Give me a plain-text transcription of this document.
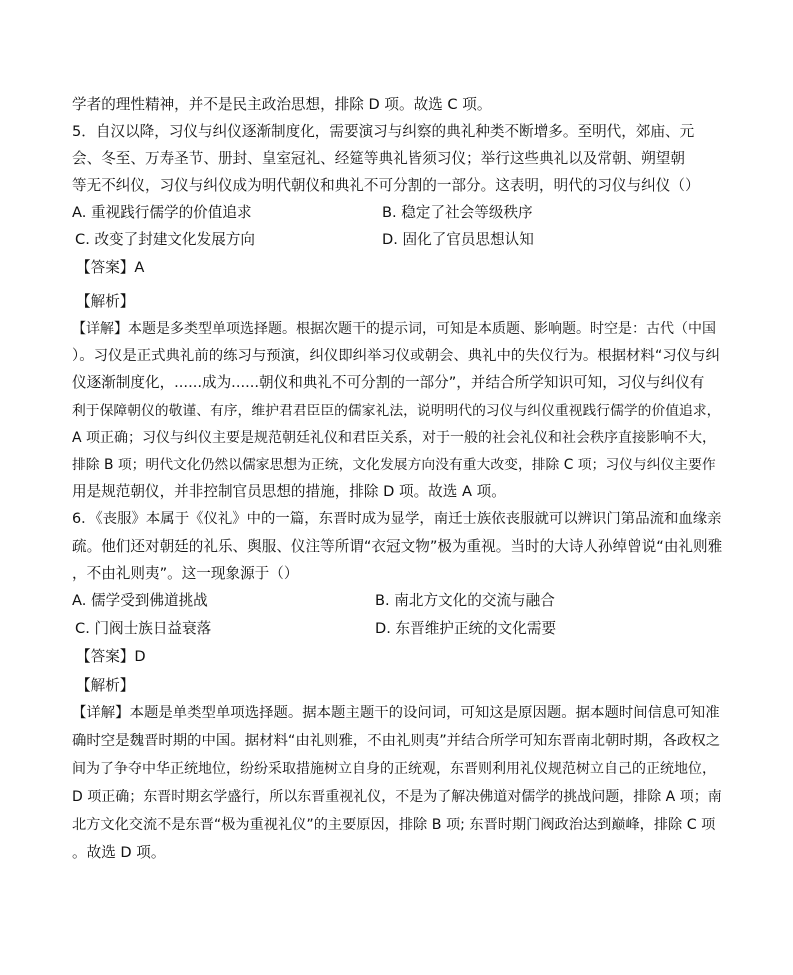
学者的理性精神，并不是民主政治思想，排除 D 项。故选 C 项。
5．自汉以降，习仪与纠仪逐渐制度化，需要演习与纠察的典礼种类不断增多。至明代，郊庙、元
会、冬至、万寿圣节、册封、皇室冠礼、经筵等典礼皆须习仪；举行这些典礼以及常朝、朔望朝
等无不纠仪，习仪与纠仪成为明代朝仪和典礼不可分割的一部分。这表明，明代的习仪与纠仪（）
A. 重视践行儒学的价值追求	B. 稳定了社会等级秩序
C. 改变了封建文化发展方向	D. 固化了官员思想认知
【答案】A
【解析】
【详解】本题是多类型单项选择题。根据次题干的提示词，可知是本质题、影响题。时空是：古代（中国
）。习仪是正式典礼前的练习与预演，纠仪即纠举习仪或朝会、典礼中的失仪行为。根据材料“习仪与纠
仪逐渐制度化，......成为......朝仪和典礼不可分割的一部分”，并结合所学知识可知，习仪与纠仪有
利于保障朝仪的敬谨、有序，维护君君臣臣的儒家礼法，说明明代的习仪与纠仪重视践行儒学的价值追求，
A 项正确；习仪与纠仪主要是规范朝廷礼仪和君臣关系，对于一般的社会礼仪和社会秩序直接影响不大，
排除 B 项；明代文化仍然以儒家思想为正统，文化发展方向没有重大改变，排除 C 项；习仪与纠仪主要作
用是规范朝仪，并非控制官员思想的措施，排除 D 项。故选 A 项。
6．《丧服》本属于《仪礼》中的一篇，东晋时成为显学，南迁士族依丧服就可以辨识门第品流和血缘亲
疏。他们还对朝廷的礼乐、舆服、仪注等所谓“衣冠文物”极为重视。当时的大诗人孙绰曾说“由礼则雅
，不由礼则夷”。这一现象源于（）
A. 儒学受到佛道挑战	B. 南北方文化的交流与融合
C. 门阀士族日益衰落	D. 东晋维护正统的文化需要
【答案】D
【解析】
【详解】本题是单类型单项选择题。据本题主题干的设问词，可知这是原因题。据本题时间信息可知准
确时空是魏晋时期的中国。据材料“由礼则雅，不由礼则夷”并结合所学可知东晋南北朝时期，各政权之
间为了争夺中华正统地位，纷纷采取措施树立自身的正统观，东晋则利用礼仪规范树立自己的正统地位，
D 项正确；东晋时期玄学盛行，所以东晋重视礼仪，不是为了解决佛道对儒学的挑战问题，排除 A 项；南
北方文化交流不是东晋“极为重视礼仪”的主要原因，排除 B 项; 东晋时期门阀政治达到巅峰，排除 C 项
。故选 D 项。
